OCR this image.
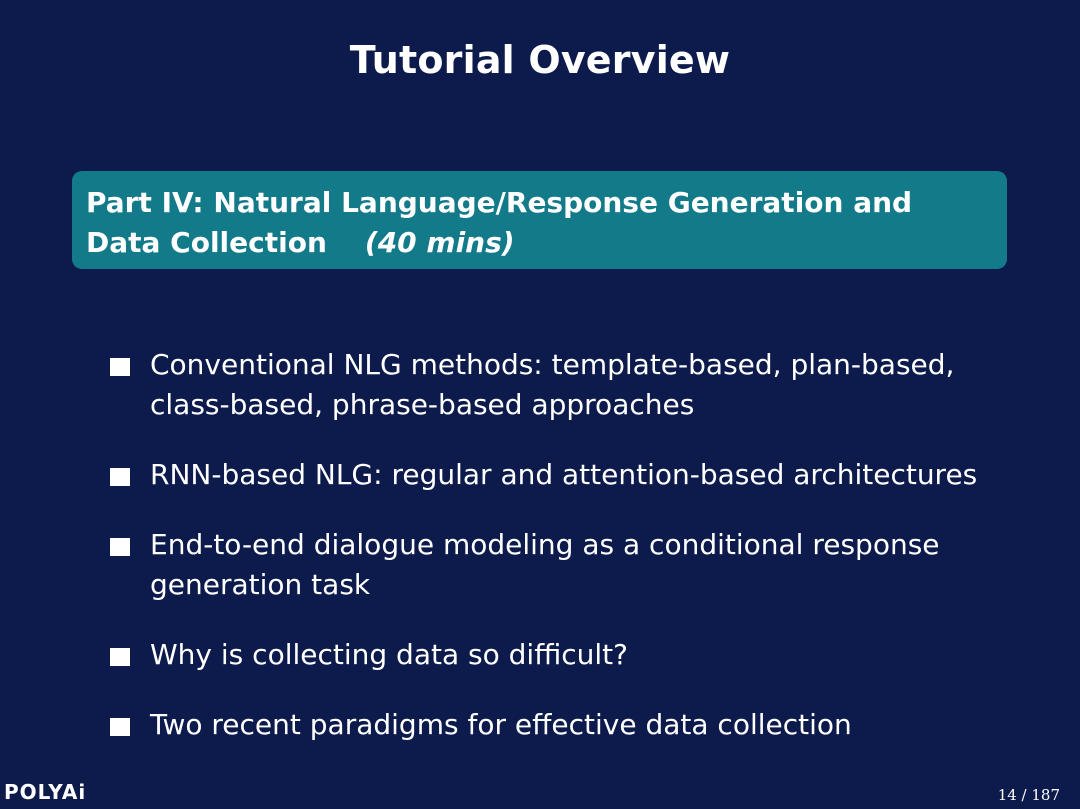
Tutorial Overview
Part IV: Natural Language/Response Generation and Data Collection (40 mins)
Conventional NLG methods: template-based, plan-based, class-based, phrase-based approaches
RNN-based NLG: regular and attention-based architectures
End-to-end dialogue modeling as a conditional response generation task
Why is collecting data so difficult?
Two recent paradigms for effective data collection
POLYAi	14 / 187
